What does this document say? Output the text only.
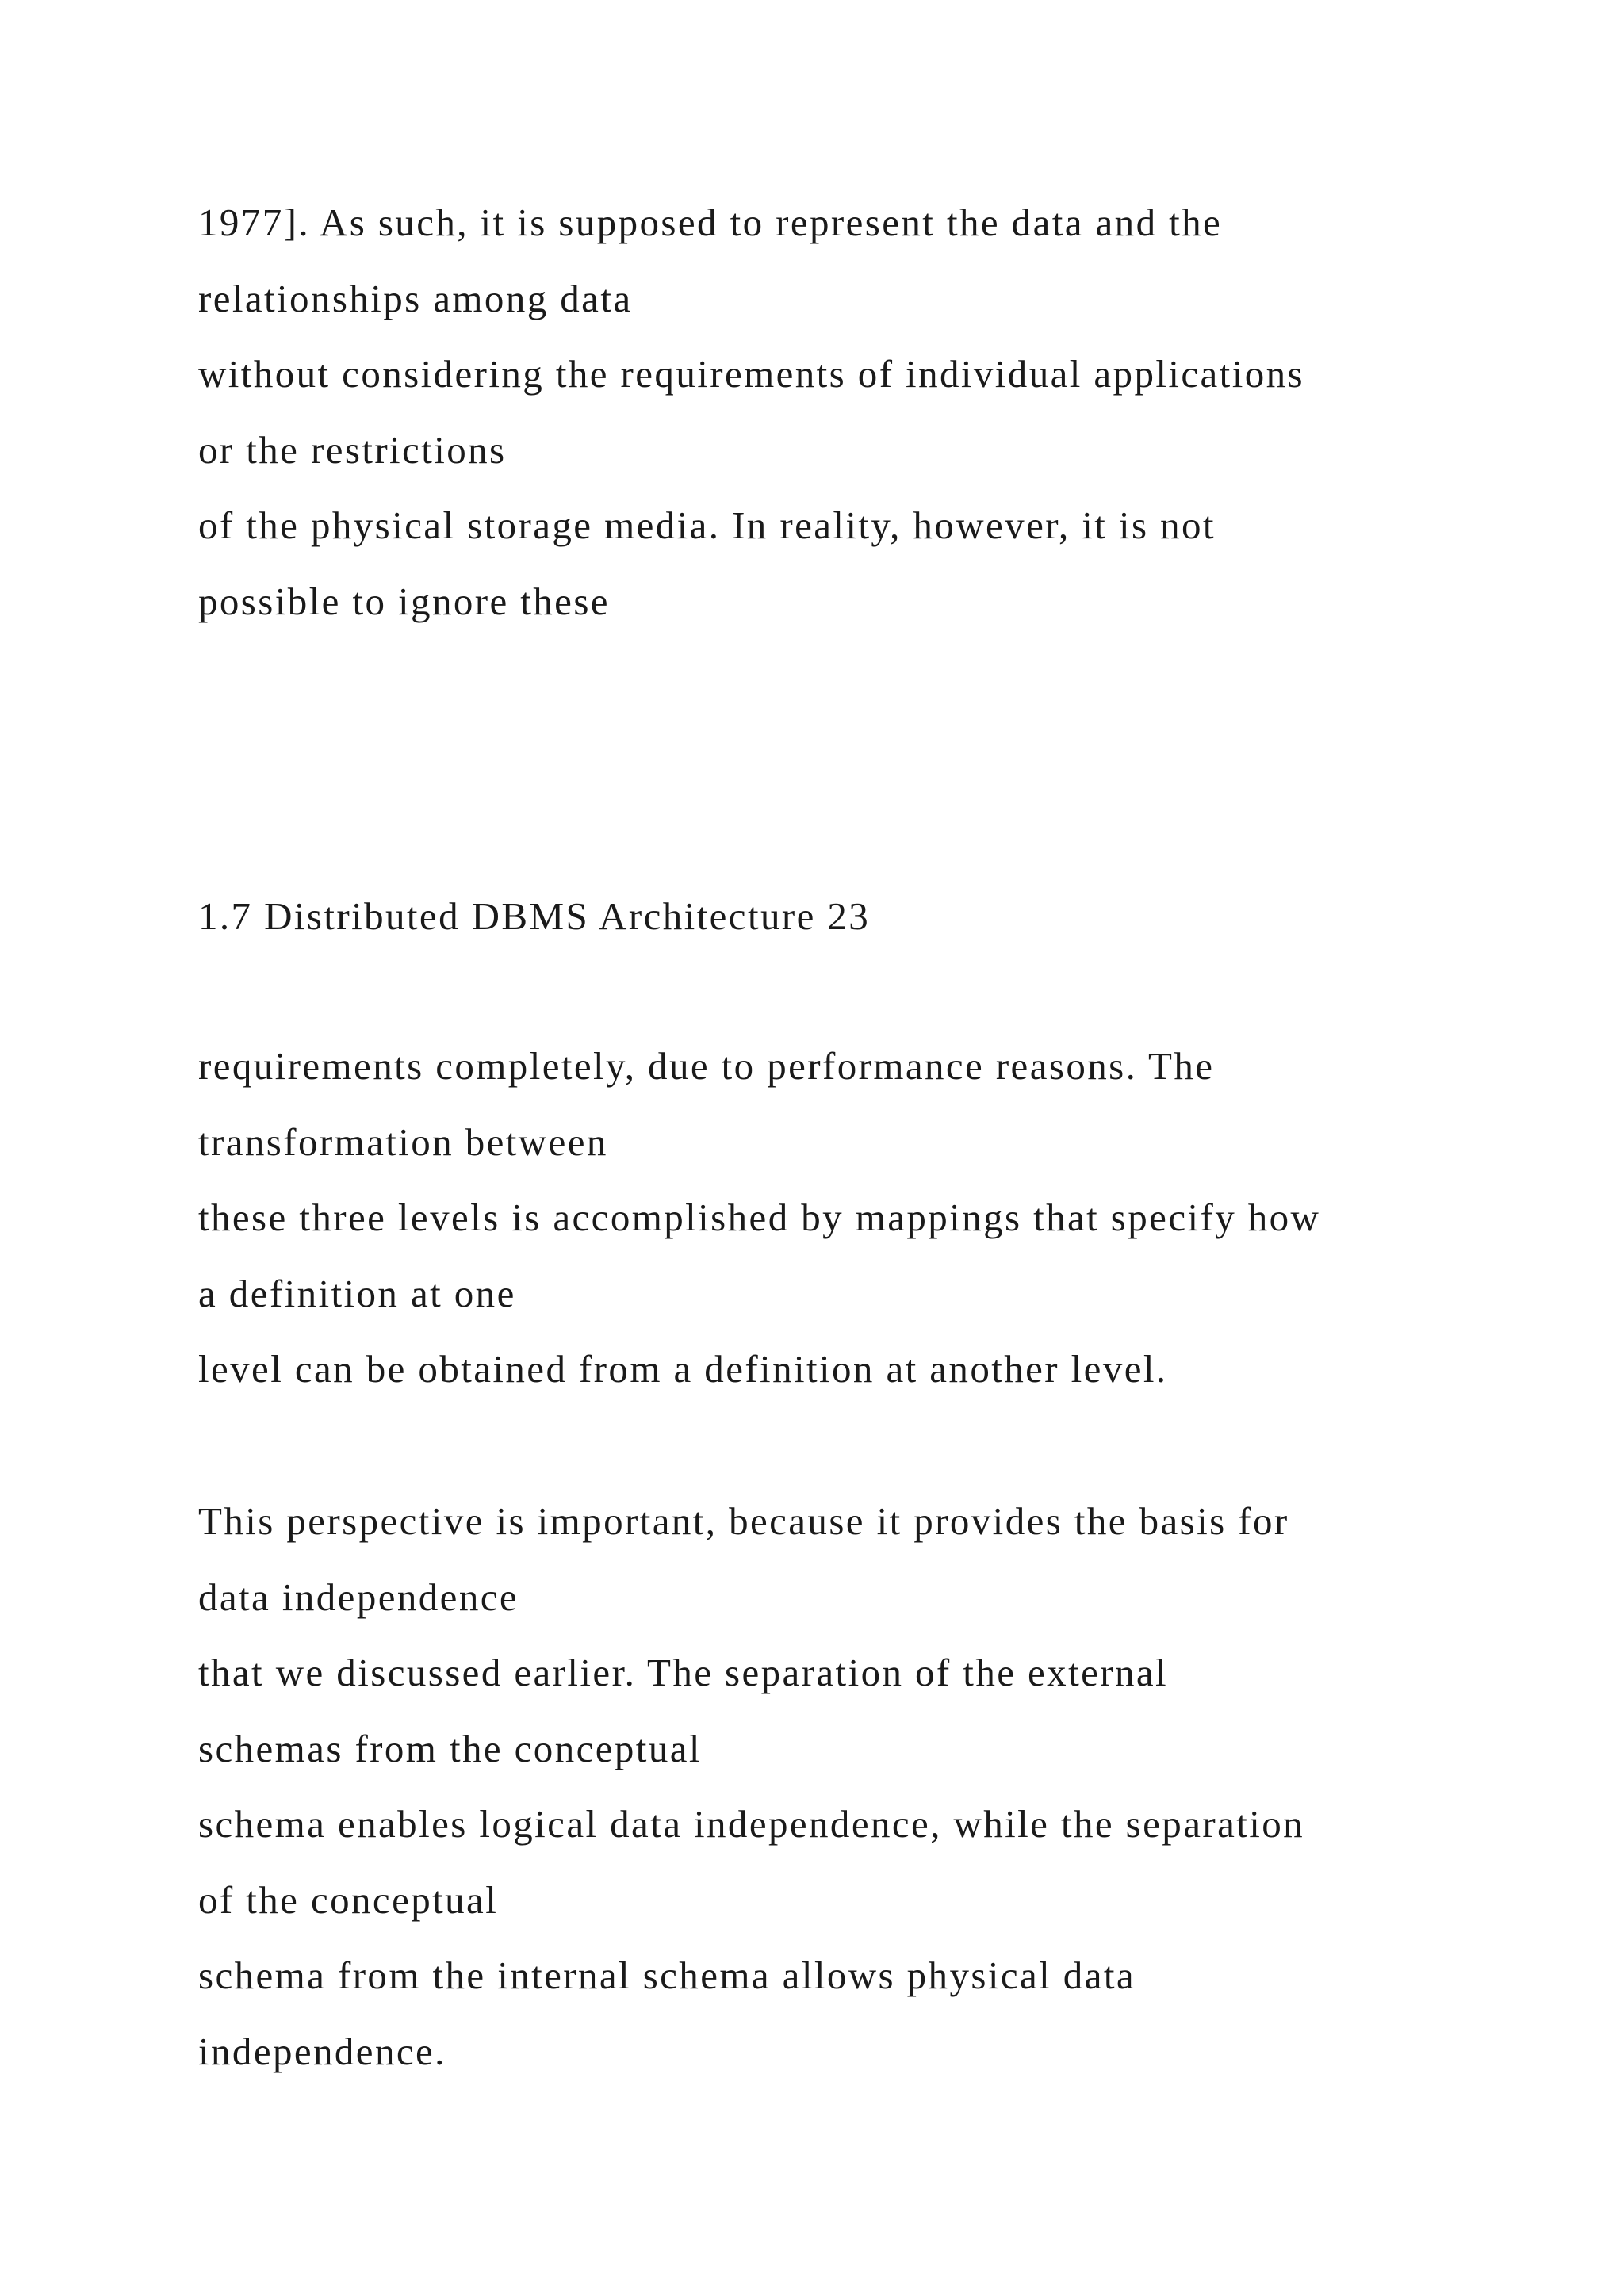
1977]. As such, it is supposed to represent the data and the
relationships among data
without considering the requirements of individual applications
or the restrictions
of the physical storage media. In reality, however, it is not
possible to ignore these
1.7 Distributed DBMS Architecture 23
requirements completely, due to performance reasons. The
transformation between
these three levels is accomplished by mappings that specify how
a definition at one
level can be obtained from a definition at another level.
This perspective is important, because it provides the basis for
data independence
that we discussed earlier. The separation of the external
schemas from the conceptual
schema enables logical data independence, while the separation
of the conceptual
schema from the internal schema allows physical data
independence.
